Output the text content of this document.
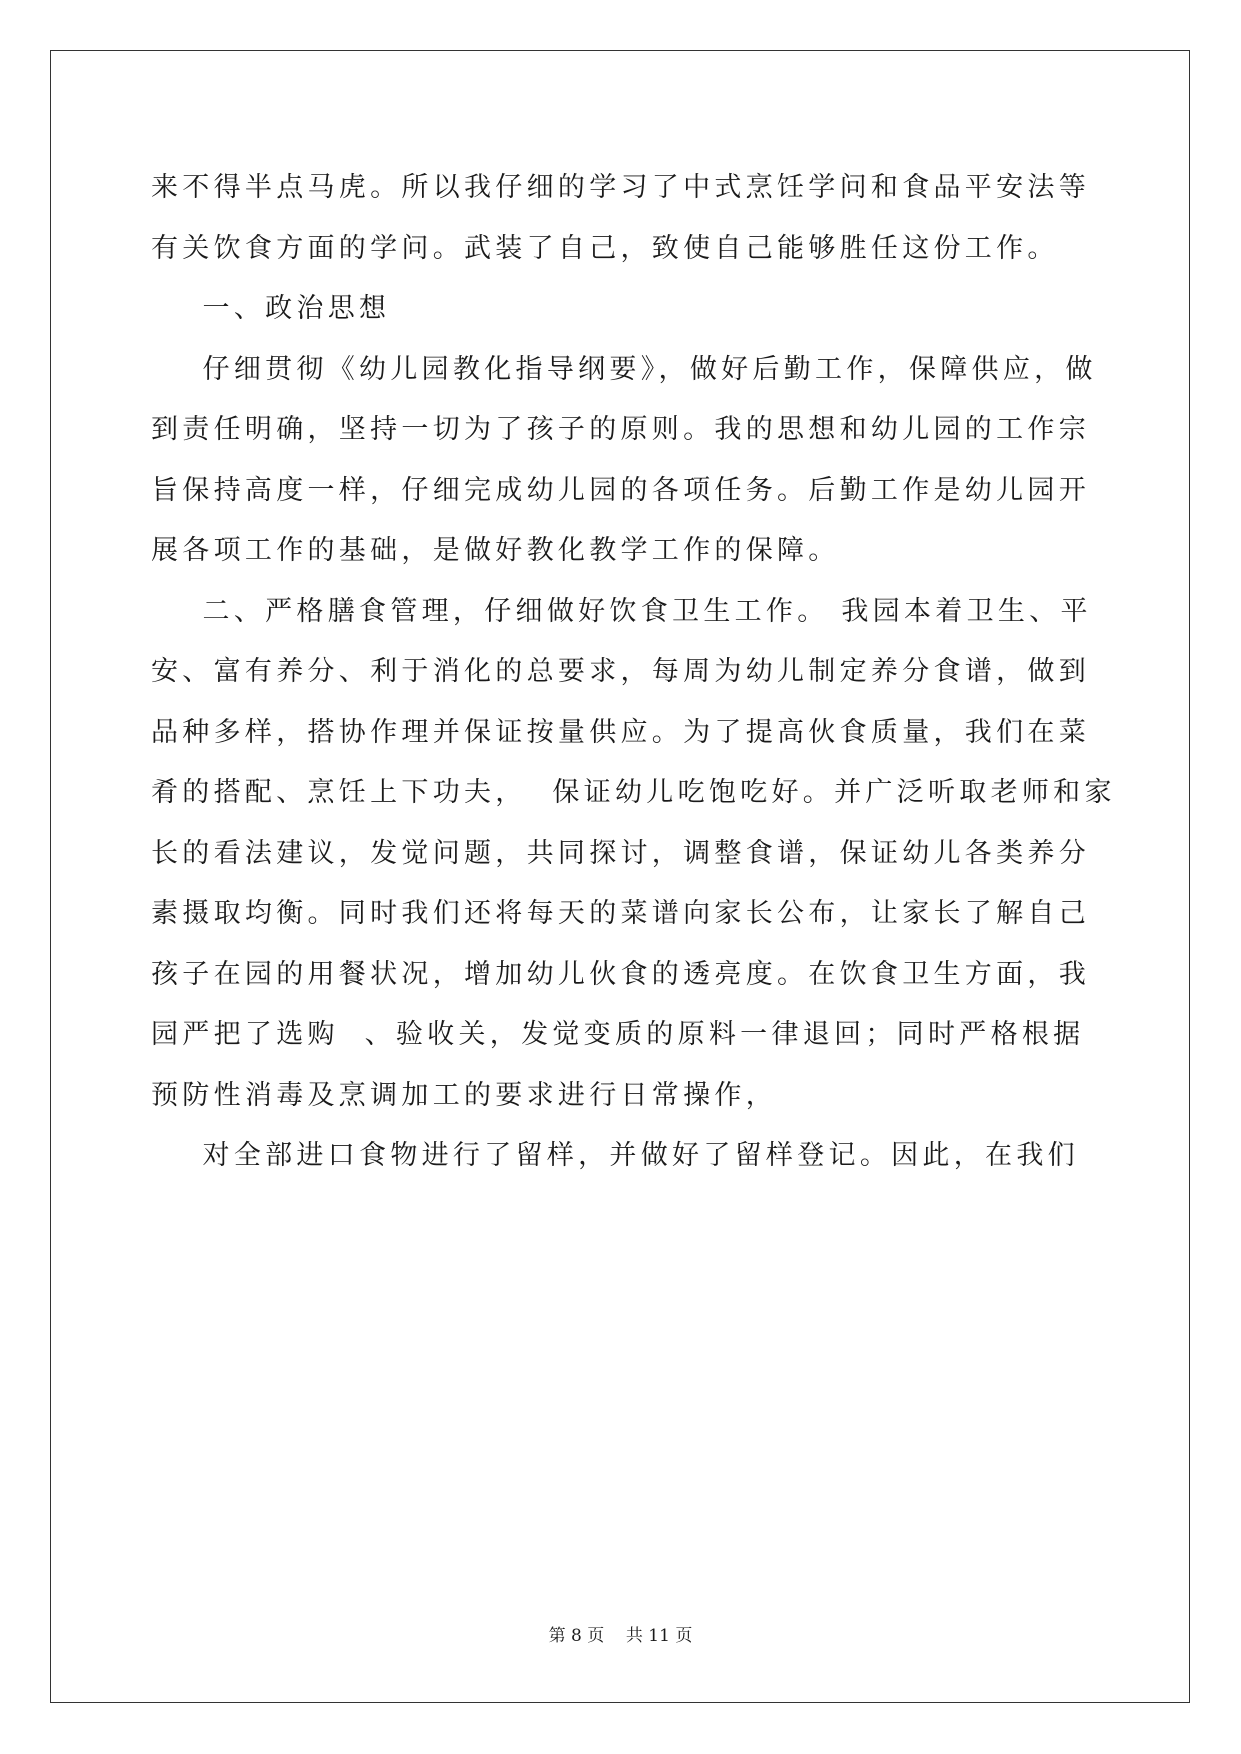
来不得半点马虎。所以我仔细的学习了中式烹饪学问和食品平安法等
有关饮食方面的学问。武装了自己，致使自己能够胜任这份工作。
一、政治思想
仔细贯彻《幼儿园教化指导纲要》，做好后勤工作，保障供应，做
到责任明确，坚持一切为了孩子的原则。我的思想和幼儿园的工作宗
旨保持高度一样，仔细完成幼儿园的各项任务。后勤工作是幼儿园开
展各项工作的基础，是做好教化教学工作的保障。
二、严格膳食管理，仔细做好饮食卫生工作。 我园本着卫生、平
安、富有养分、利于消化的总要求，每周为幼儿制定养分食谱，做到
品种多样，搭协作理并保证按量供应。为了提高伙食质量，我们在菜
肴的搭配、烹饪上下功夫，  保证幼儿吃饱吃好。并广泛听取老师和家
长的看法建议，发觉问题，共同探讨，调整食谱，保证幼儿各类养分
素摄取均衡。同时我们还将每天的菜谱向家长公布，让家长了解自己
孩子在园的用餐状况，增加幼儿伙食的透亮度。在饮食卫生方面，我
园严把了选购  、验收关，发觉变质的原料一律退回；同时严格根据
预防性消毒及烹调加工的要求进行日常操作，
对全部进口食物进行了留样，并做好了留样登记。因此，在我们
第 8 页    共 11 页
